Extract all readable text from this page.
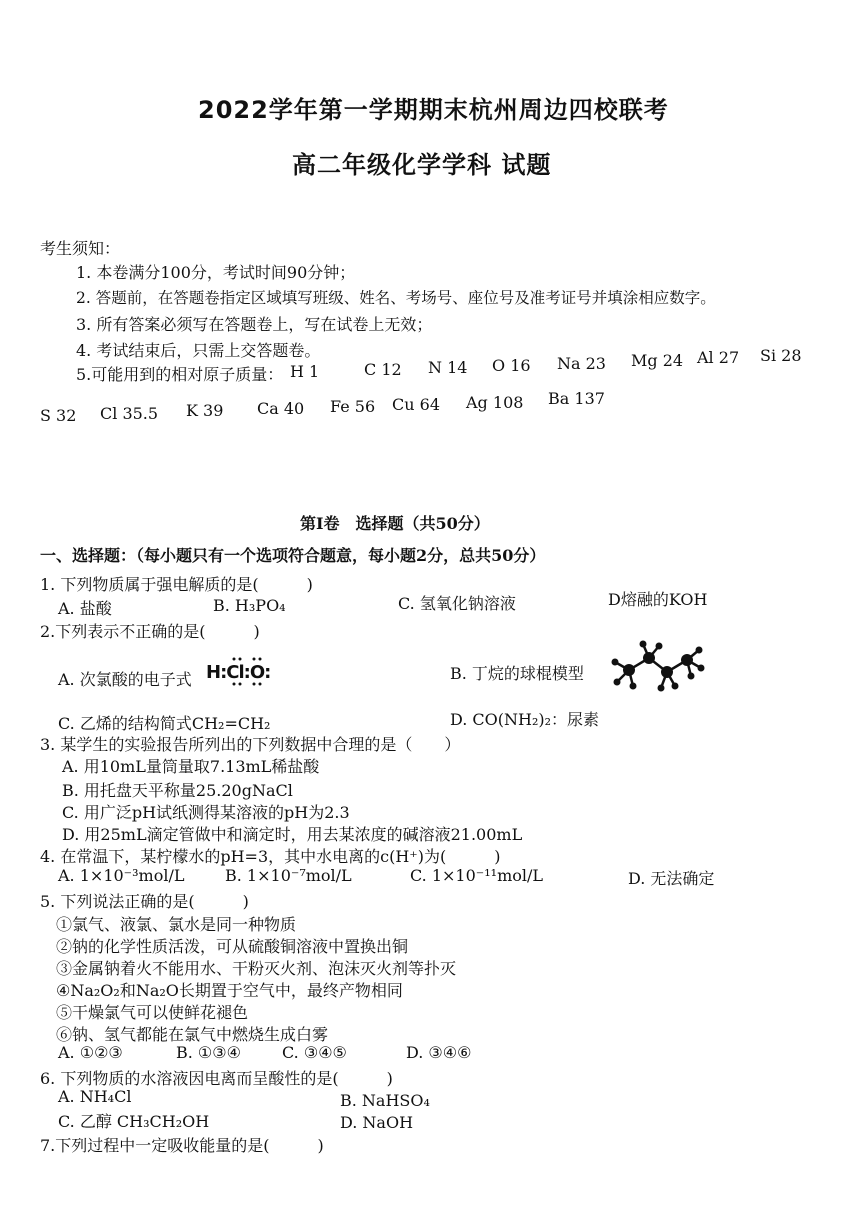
2022学年第一学期期末杭州周边四校联考
高二年级化学学科 试题
考生须知：
1. 本卷满分100分，考试时间90分钟；
2. 答题前，在答题卷指定区域填写班级、姓名、考场号、座位号及准考证号并填涂相应数字。
3. 所有答案必须写在答题卷上，写在试卷上无效；
4. 考试结束后，只需上交答题卷。
5.可能用到的相对原子质量： H 1	C 12 N 14 O 16 Na 23 Mg 24 Al 27 Si 28
S 32 Cl 35.5 K 39 Ca 40 Fe 56 Cu 64 Ag 108 Ba 137
第Ⅰ卷　选择题（共50分）
一、选择题：（每小题只有一个选项符合题意，每小题2分，总共50分）
1. 下列物质属于强电解质的是(　　　)
A. 盐酸	B. H₃PO₄	C. 氢氧化钠溶液	D熔融的KOH
2.下列表示不正确的是(　　　)
A. 次氯酸的电子式 H:Cl:O:	B. 丁烷的球棍模型
C. 乙烯的结构简式CH₂=CH₂	D. CO(NH₂)₂：尿素
3. 某学生的实验报告所列出的下列数据中合理的是（　　）
A. 用10mL量筒量取7.13mL稀盐酸
B. 用托盘天平称量25.20gNaCl
C. 用广泛pH试纸测得某溶液的pH为2.3
D. 用25mL滴定管做中和滴定时，用去某浓度的碱溶液21.00mL
4. 在常温下，某柠檬水的pH=3，其中水电离的c(H⁺)为(　　　)
A. 1×10⁻³mol/L	B. 1×10⁻⁷mol/L	C. 1×10⁻¹¹mol/L	D. 无法确定
5. 下列说法正确的是(　　　)
①氯气、液氯、氯水是同一种物质
②钠的化学性质活泼，可从硫酸铜溶液中置换出铜
③金属钠着火不能用水、干粉灭火剂、泡沫灭火剂等扑灭
④Na₂O₂和Na₂O长期置于空气中，最终产物相同
⑤干燥氯气可以使鲜花褪色
⑥钠、氢气都能在氯气中燃烧生成白雾
A. ①②③	B. ①③④	C. ③④⑤	D. ③④⑥
6. 下列物质的水溶液因电离而呈酸性的是(　　　)
A. NH₄Cl	B. NaHSO₄
C. 乙醇 CH₃CH₂OH	D. NaOH
7.下列过程中一定吸收能量的是(　　　)
